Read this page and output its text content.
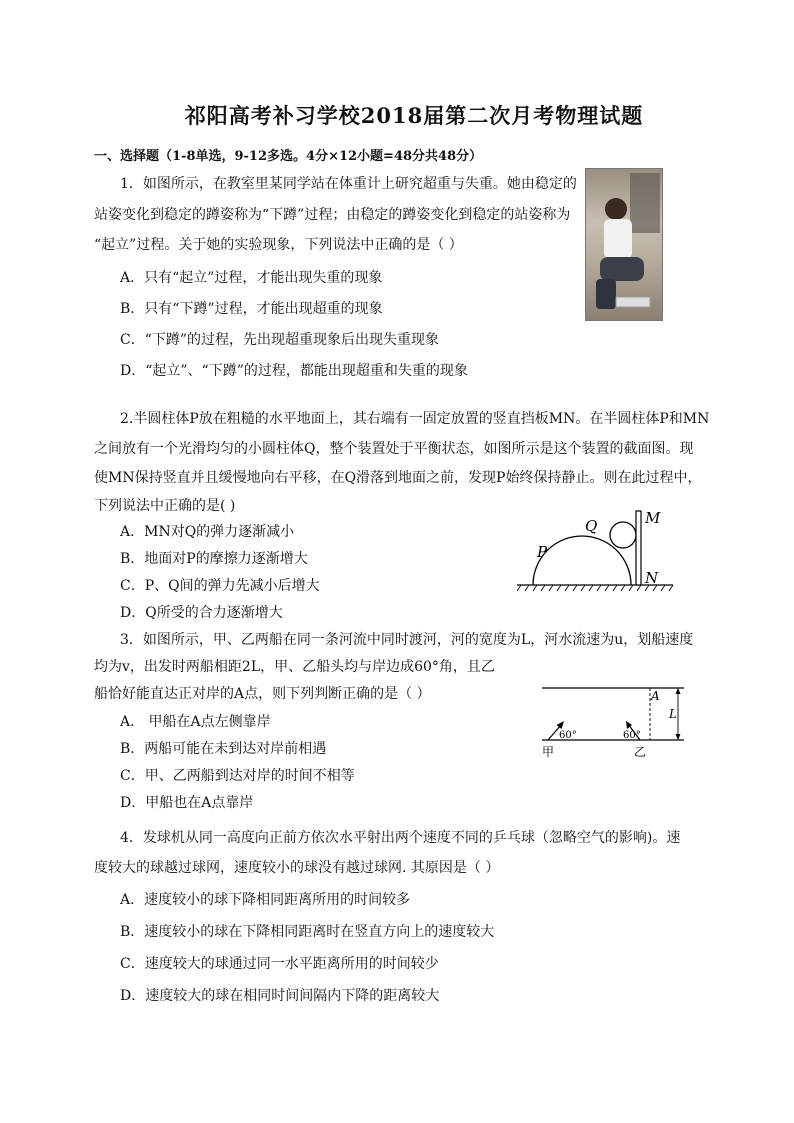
祁阳高考补习学校2018届第二次月考物理试题
一、选择题（1-8单选，9-12多选。4分×12小题=48分共48分）
1．如图所示，在教室里某同学站在体重计上研究超重与失重。她由稳定的
站姿变化到稳定的蹲姿称为“下蹲”过程；由稳定的蹲姿变化到稳定的站姿称为
“起立”过程。关于她的实验现象，下列说法中正确的是（ ）
A．只有“起立”过程，才能出现失重的现象
B．只有“下蹲”过程，才能出现超重的现象
C．“下蹲”的过程，先出现超重现象后出现失重现象
D．“起立”、“下蹲”的过程，都能出现超重和失重的现象
2.半圆柱体P放在粗糙的水平地面上，其右端有一固定放置的竖直挡板MN。在半圆柱体P和MN
之间放有一个光滑均匀的小圆柱体Q，整个装置处于平衡状态，如图所示是这个装置的截面图。现
使MN保持竖直并且缓慢地向右平移，在Q滑落到地面之前，发现P始终保持静止。则在此过程中，
下列说法中正确的是( )
A．MN对Q的弹力逐渐减小
B．地面对P的摩擦力逐渐增大
C．P、Q间的弹力先减小后增大
D．Q所受的合力逐渐增大
P
Q	M
N
3．如图所示，甲、乙两船在同一条河流中同时渡河，河的宽度为L，河水流速为u，划船速度
均为v，出发时两船相距2L，甲、乙船头均与岸边成60°角，且乙
船恰好能直达正对岸的A点，则下列判断正确的是（ ）
A． 甲船在A点左侧靠岸
B．两船可能在未到达对岸前相遇
C．甲、乙两船到达对岸的时间不相等
D．甲船也在A点靠岸
A
L
60°	60°
甲	乙
4．发球机从同一高度向正前方依次水平射出两个速度不同的乒乓球（忽略空气的影响)。速
度较大的球越过球网，速度较小的球没有越过球网. 其原因是（ ）
A．速度较小的球下降相同距离所用的时间较多
B．速度较小的球在下降相同距离时在竖直方向上的速度较大
C．速度较大的球通过同一水平距离所用的时间较少
D．速度较大的球在相同时间间隔内下降的距离较大
